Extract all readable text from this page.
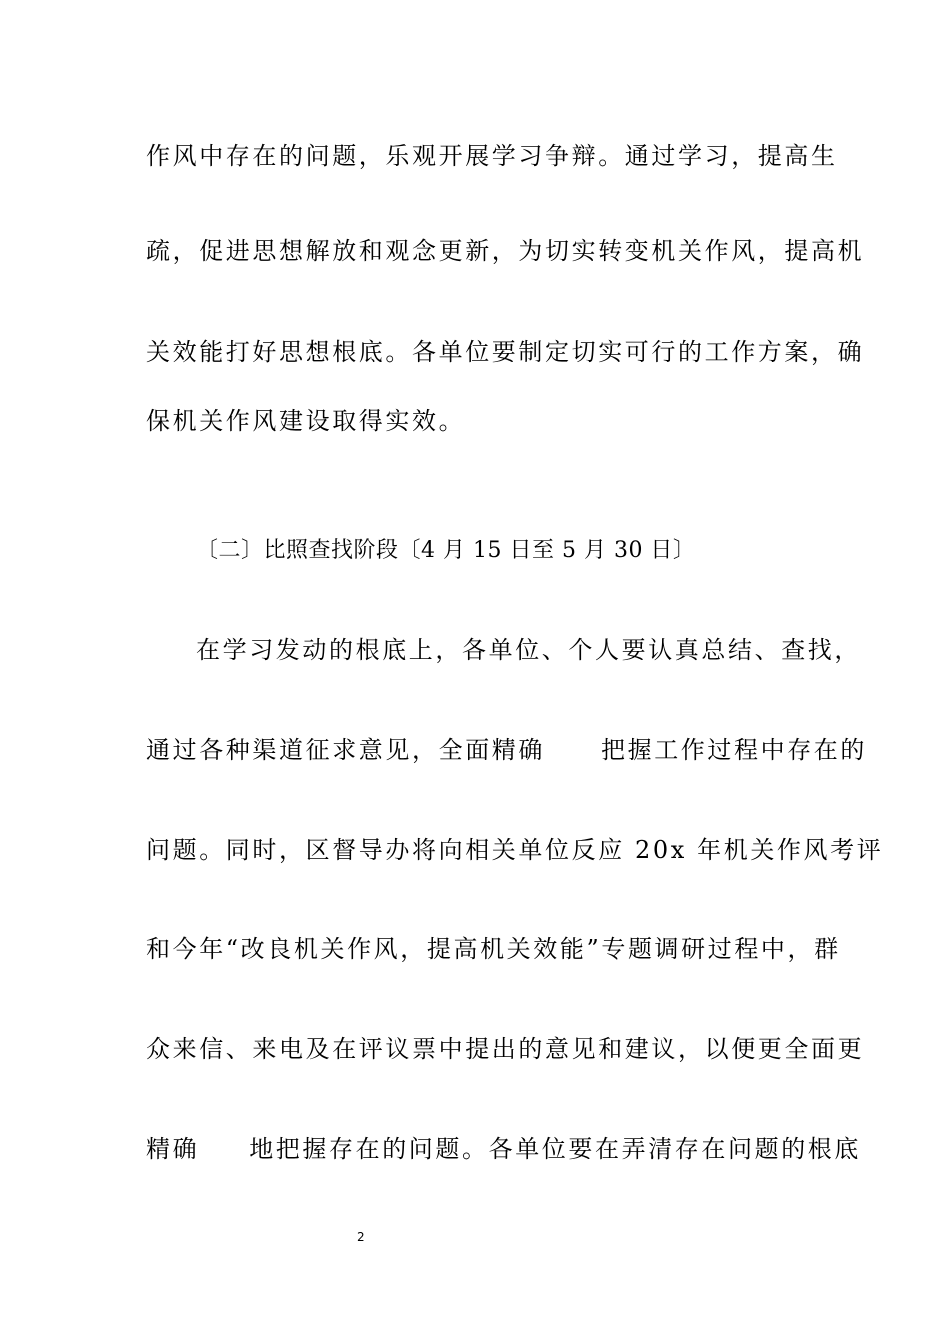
作风中存在的问题，乐观开展学习争辩。通过学习，提高生
疏，促进思想解放和观念更新，为切实转变机关作风，提高机
关效能打好思想根底。各单位要制定切实可行的工作方案，确
保机关作风建设取得实效。
〔二〕比照查找阶段〔4 月 15 日至 5 月 30 日〕
在学习发动的根底上，各单位、个人要认真总结、查找，
通过各种渠道征求意见，全面精确 把握工作过程中存在的
问题。同时，区督导办将向相关单位反应 20x 年机关作风考评
和今年“改良机关作风，提高机关效能”专题调研过程中，群
众来信、来电及在评议票中提出的意见和建议，以便更全面更
精确 地把握存在的问题。各单位要在弄清存在问题的根底
2
